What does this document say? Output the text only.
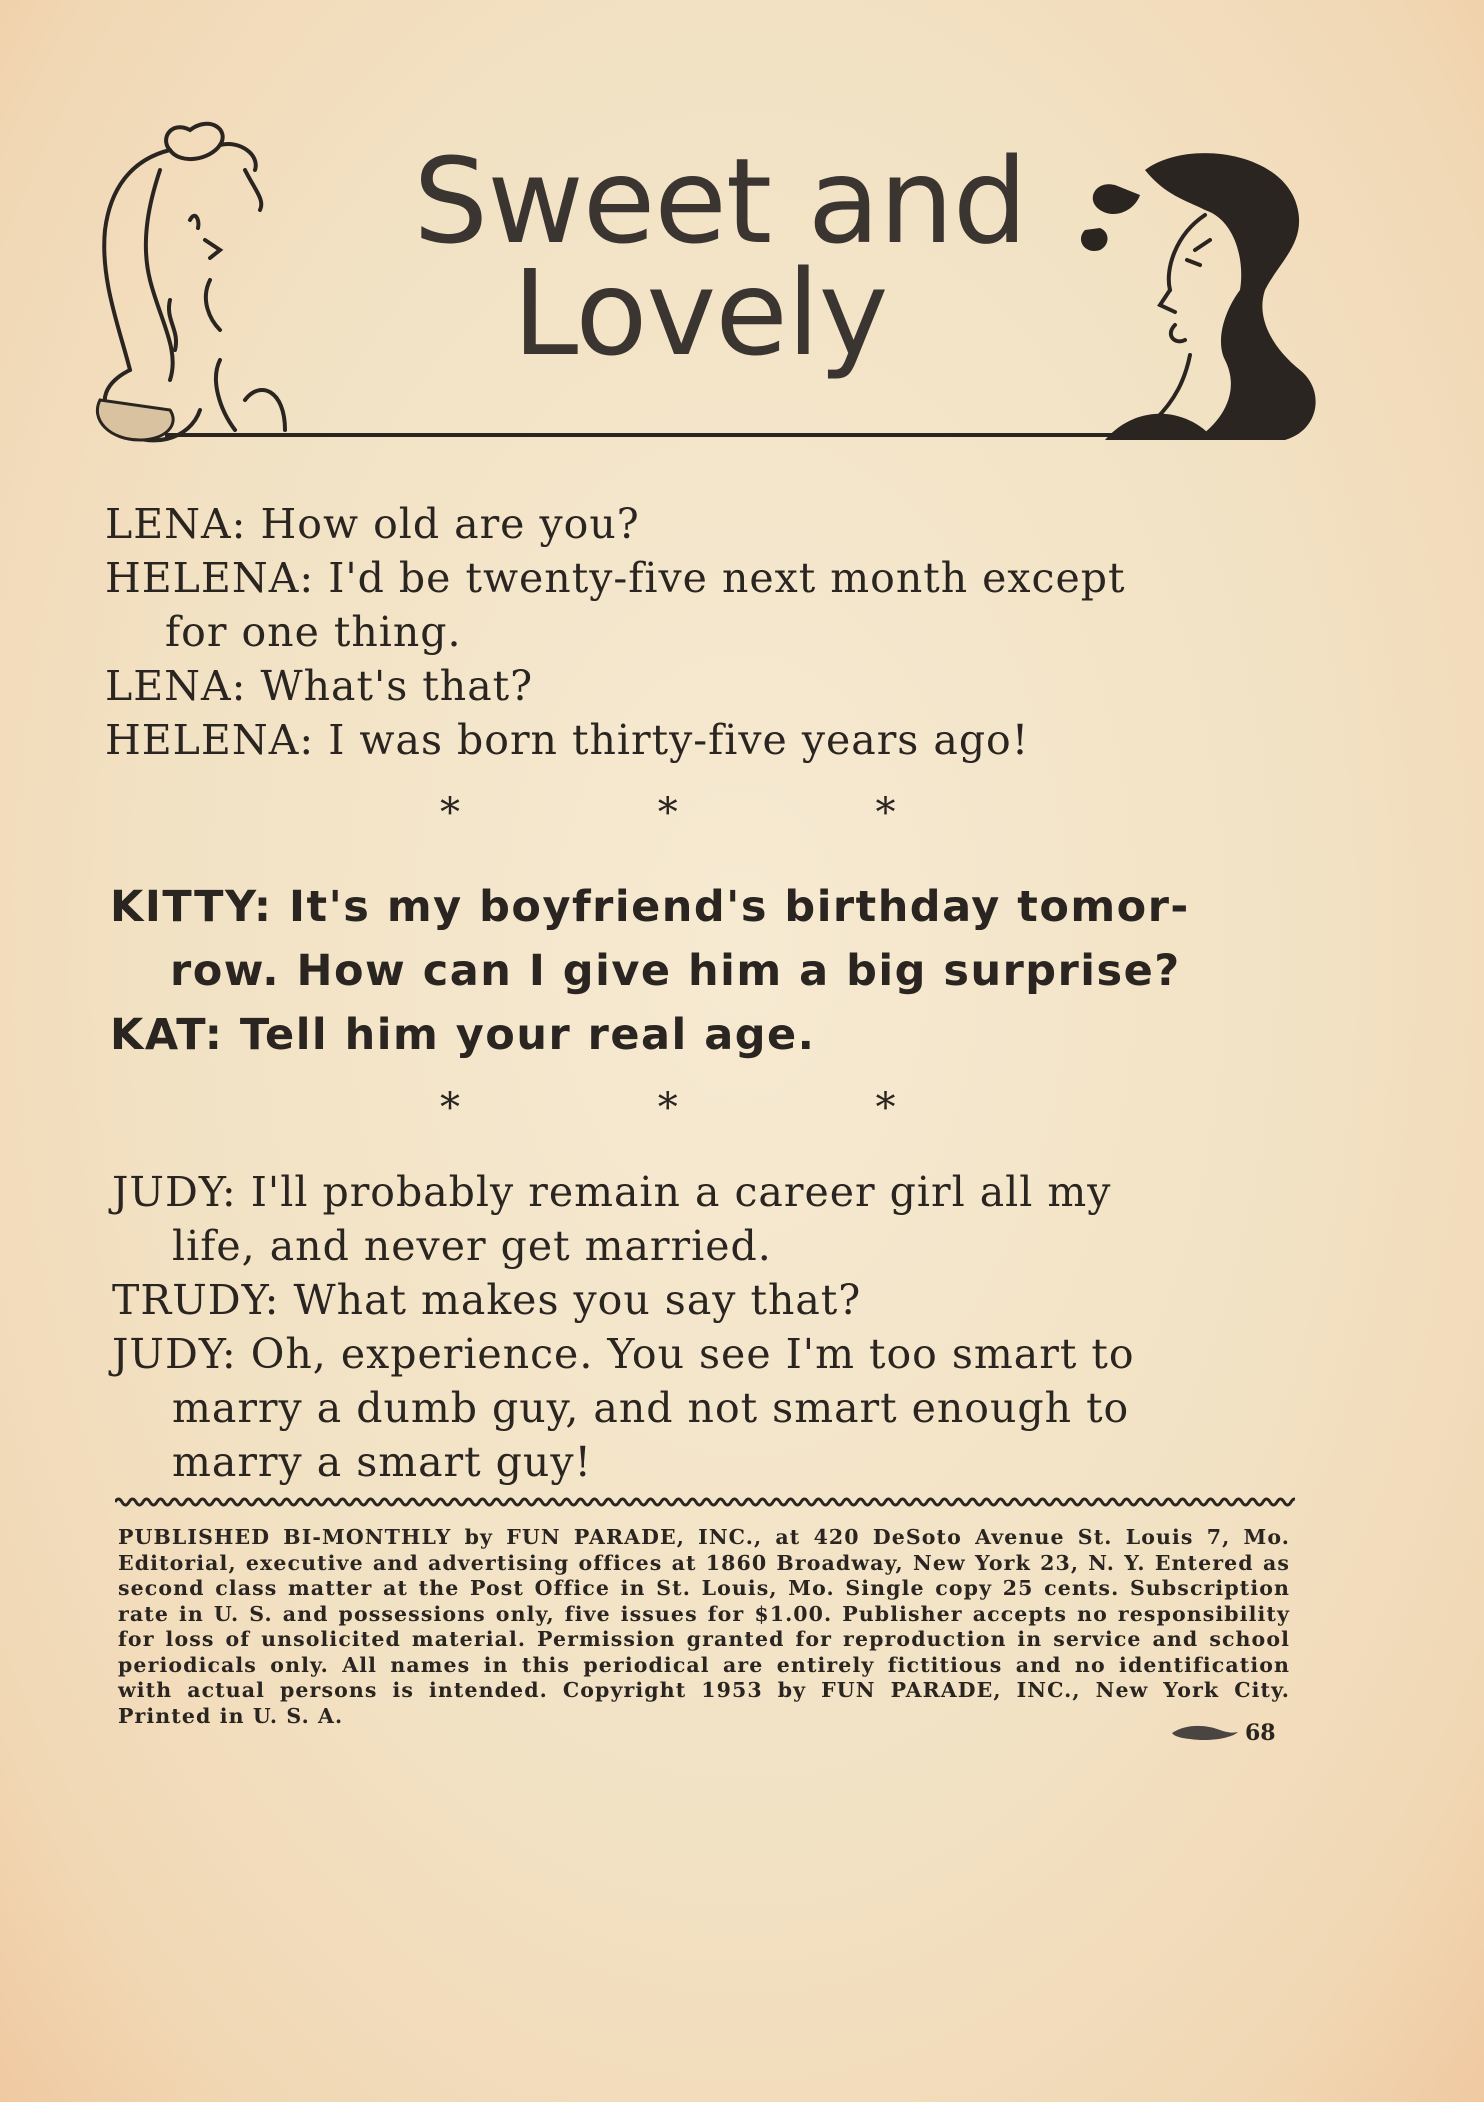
Sweet and
Lovely
LENA: How old are you?
HELENA: I'd be twenty-five next month except
for one thing.
LENA: What's that?
HELENA: I was born thirty-five years ago!
*	*	*
KITTY: It's my boyfriend's birthday tomor-
row. How can I give him a big surprise?
KAT: Tell him your real age.
*	*	*
JUDY: I'll probably remain a career girl all my
life, and never get married.
TRUDY: What makes you say that?
JUDY: Oh, experience. You see I'm too smart to
marry a dumb guy, and not smart enough to
marry a smart guy!
PUBLISHED BI-MONTHLY by FUN PARADE, INC., at 420 DeSoto Avenue St. Louis 7, Mo. Editorial, executive and advertising offices at 1860 Broadway, New York 23, N. Y. Entered as second class matter at the Post Office in St. Louis, Mo. Single copy 25 cents. Subscription rate in U. S. and possessions only, five issues for $1.00. Publisher accepts no responsibility for loss of unsolicited material. Permission granted for reproduction in service and school periodicals only. All names in this periodical are entirely fictitious and no identification with actual persons is intended. Copyright 1953 by FUN PARADE, INC., New York City. Printed in U. S. A.
68
